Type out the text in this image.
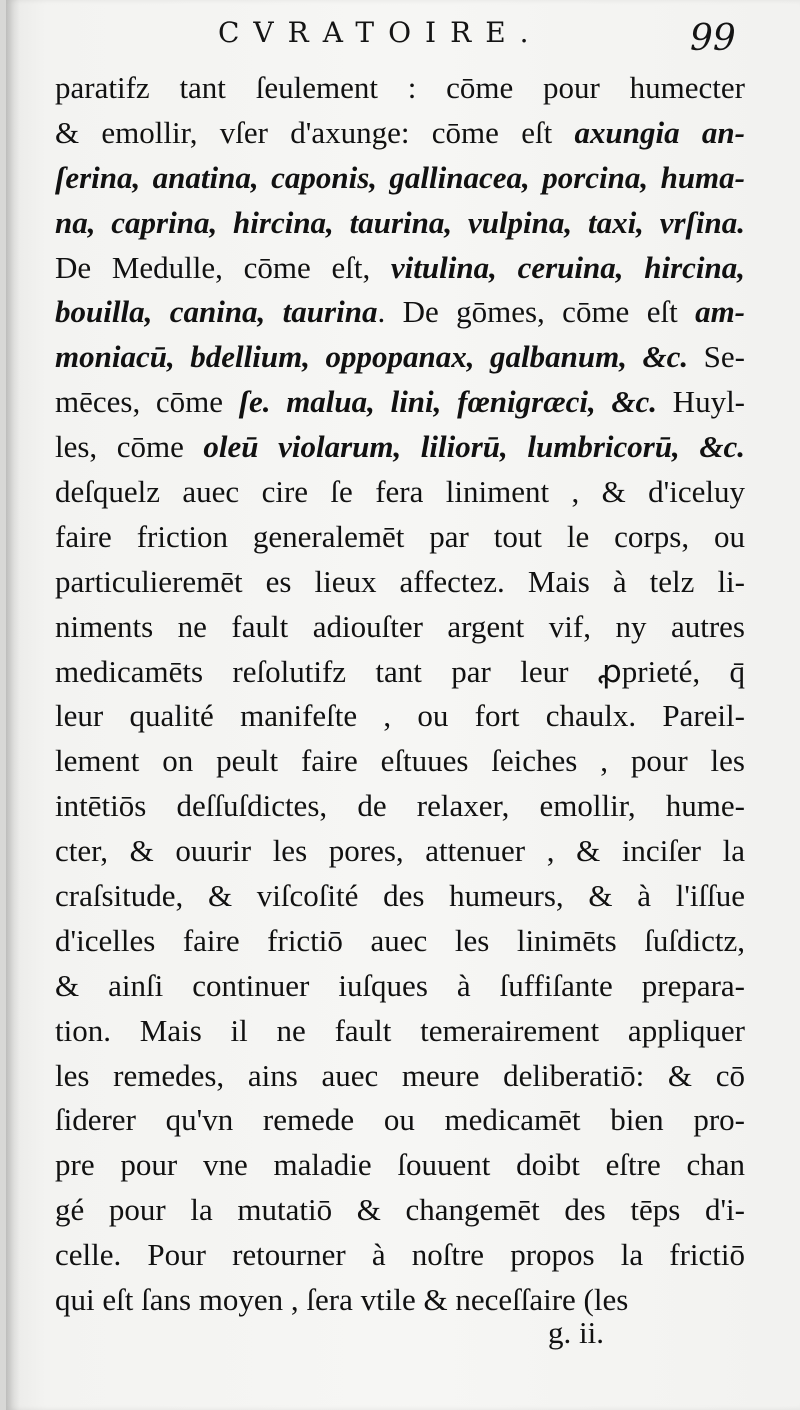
CVRATOIRE.	99
paratifz tant ſeulement : cōme pour humecter
& emollir, vſer d'axunge: cōme eſt axungia an-
ſerina, anatina, caponis, gallinacea, porcina, huma-
na, caprina, hircina, taurina, vulpina, taxi, vrſina.
De Medulle, cōme eſt, vitulina, ceruina, hircina,
bouilla, canina, taurina. De gōmes, cōme eſt am-
moniacū, bdellium, oppopanax, galbanum, &c. Se-
mēces, cōme ſe. malua, lini, fœnigræci, &c. Huyl-
les, cōme oleū violarum, liliorū, lumbricorū, &c.
deſquelz auec cire ſe fera liniment , & d'iceluy
faire friction generalemēt par tout le corps, ou
particulieremēt es lieux affectez. Mais à telz li-
niments ne fault adiouſter argent vif, ny autres
medicamēts reſolutifz tant par leur ꝓprieté, q̄
leur qualité manifeſte , ou fort chaulx. Pareil-
lement on peult faire eſtuues ſeiches , pour les
intētiōs deſſuſdictes, de relaxer, emollir, hume-
cter, & ouurir les pores, attenuer , & inciſer la
craſsitude, & viſcoſité des humeurs, & à l'iſſue
d'icelles faire frictiō auec les linimēts ſuſdictz,
& ainſi continuer iuſques à ſuffiſante prepara-
tion. Mais il ne fault temerairement appliquer
les remedes, ains auec meure deliberatiō: & cō
ſiderer qu'vn remede ou medicamēt bien pro-
pre pour vne maladie ſouuent doibt eſtre chan
gé pour la mutatiō & changemēt des tēps d'i-
celle. Pour retourner à noſtre propos la frictiō
qui eſt ſans moyen , ſera vtile & neceſſaire (les
g. ii.
